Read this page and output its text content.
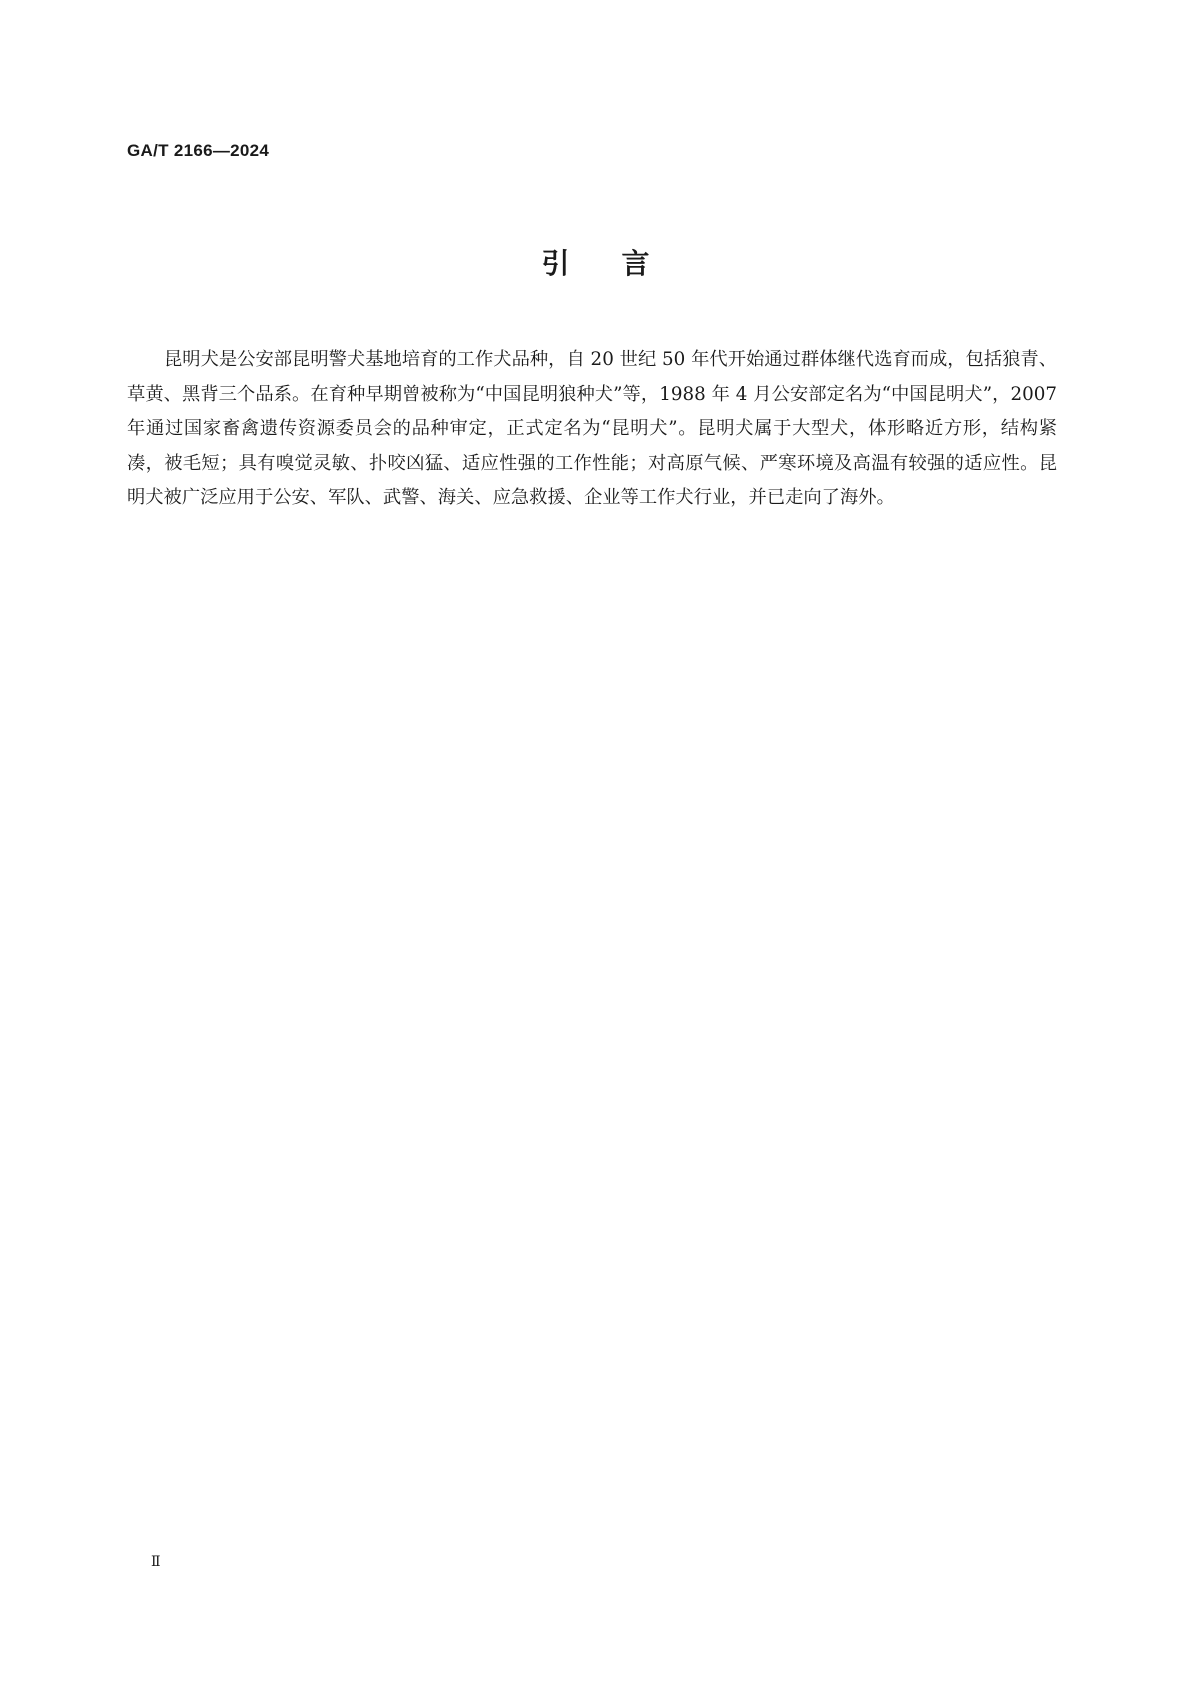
GA/T 2166—2024
引言

昆明犬是公安部昆明警犬基地培育的工作犬品种，自 20 世纪 50 年代开始通过群体继代选育而成，包括狼青、草黄、黑背三个品系。在育种早期曾被称为“中国昆明狼种犬”等，1988 年 4 月公安部定名为“中国昆明犬”，2007 年通过国家畜禽遗传资源委员会的品种审定，正式定名为“昆明犬”。昆明犬属于大型犬，体形略近方形，结构紧凑，被毛短；具有嗅觉灵敏、扑咬凶猛、适应性强的工作性能；对高原气候、严寒环境及高温有较强的适应性。昆明犬被广泛应用于公安、军队、武警、海关、应急救援、企业等工作犬行业，并已走向了海外。

Ⅱ
